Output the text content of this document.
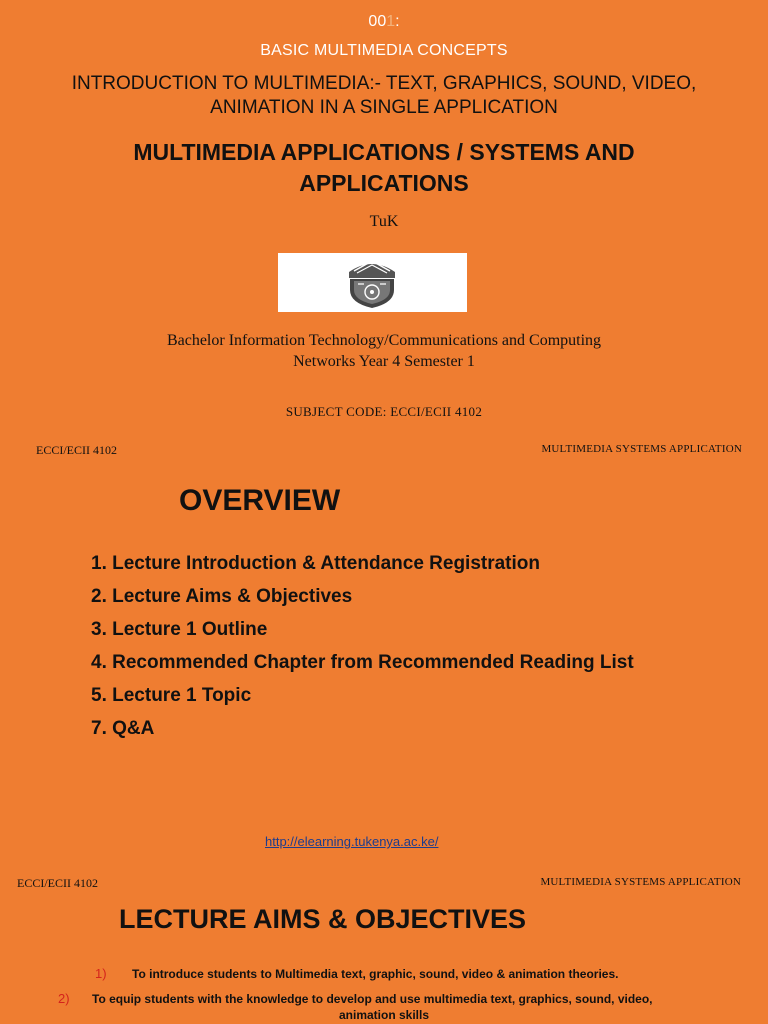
001:
BASIC MULTIMEDIA CONCEPTS
INTRODUCTION TO MULTIMEDIA:- TEXT, GRAPHICS, SOUND, VIDEO,
ANIMATION IN A SINGLE APPLICATION
MULTIMEDIA APPLICATIONS / SYSTEMS AND
APPLICATIONS
TuK
Bachelor Information Technology/Communications and Computing
Networks Year 4 Semester 1
SUBJECT CODE: ECCI/ECII 4102
ECCI/ECII 4102	MULTIMEDIA SYSTEMS APPLICATION
OVERVIEW
1. Lecture Introduction & Attendance Registration
2. Lecture Aims & Objectives
3. Lecture 1 Outline
4. Recommended Chapter from Recommended Reading List
5. Lecture 1 Topic
7. Q&A
http://elearning.tukenya.ac.ke/
ECCI/ECII 4102	MULTIMEDIA SYSTEMS APPLICATION
LECTURE AIMS & OBJECTIVES
1) To introduce students to Multimedia text, graphic, sound, video & animation theories.
2) To equip students with the knowledge to develop and use multimedia text, graphics, sound, video,
animation skills
